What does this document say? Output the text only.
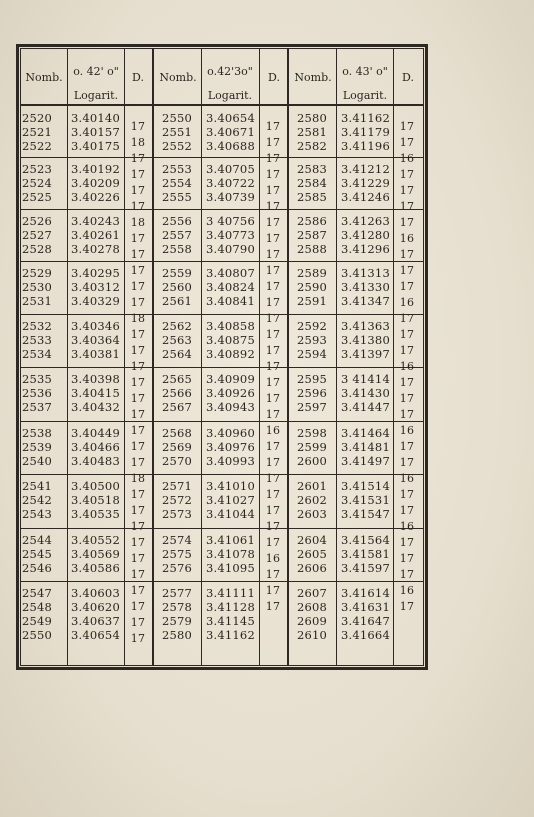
Nomb. o. 42' o"
Logarit.
D.	Nomb. o.42'3o"
Logarit.
D.	Nomb. o. 43' o"
Logarit.
D.
2520 3.40140
2521 3.40157
2522 3.40175
2523 3.40192
2524 3.40209
2525 3.40226
2526 3.40243
2527 3.40261
2528 3.40278
2529 3.40295
2530 3.40312
2531 3.40329
2532 3.40346
2533 3.40364
2534 3.40381
2535 3.40398
2536 3.40415
2537 3.40432
2538 3.40449
2539 3.40466
2540 3.40483
2541 3.40500
2542 3.40518
2543 3.40535
2544 3.40552
2545 3.40569
2546 3.40586
2547 3.40603
2548 3.40620
2549 3.40637
2550 3.40654
17
18
17
17
17
17
18
17
17
17
17
17
18
17
17
17
17
17
17
17
17
17
18
17
17
17
17
17
17
17
17
17
17
2550 3.40654
2551 3.40671
2552 3.40688
2553 3.40705
2554 3.40722
2555 3.40739
2556 3 40756
2557 3.40773
2558 3.40790
2559 3.40807
2560 3.40824
2561 3.40841
2562 3.40858
2563 3.40875
2564 3.40892
2565 3.40909
2566 3.40926
2567 3.40943
2568 3.40960
2569 3.40976
2570 3.40993
2571 3.41010
2572 3.41027
2573 3.41044
2574 3.41061
2575 3.41078
2576 3.41095
2577 3.41111
2578 3.41128
2579 3.41145
2580 3.41162
17
17
17
17
17
17
17
17
17
17
17
17
17
17
17
17
17
17
17
16
17
17
17
17
17
17
17
16
17
17
17
2580 3.41162
2581 3.41179
2582 3.41196
2583 3.41212
2584 3.41229
2585 3.41246
2586 3.41263
2587 3.41280
2588 3.41296
2589 3.41313
2590 3.41330
2591 3.41347
2592 3.41363
2593 3.41380
2594 3.41397
2595 3 41414
2596 3.41430
2597 3.41447
2598 3.41464
2599 3.41481
2600 3.41497
2601 3.41514
2602 3.41531
2603 3.41547
2604 3.41564
2605 3.41581
2606 3.41597
2607 3.41614
2608 3.41631
2609 3.41647
2610 3.41664
17
17
16
17
17
17
17
16
17
17
17
16
17
17
17
16
17
17
17
16
17
17
16
17
17
16
17
17
17
16
17
